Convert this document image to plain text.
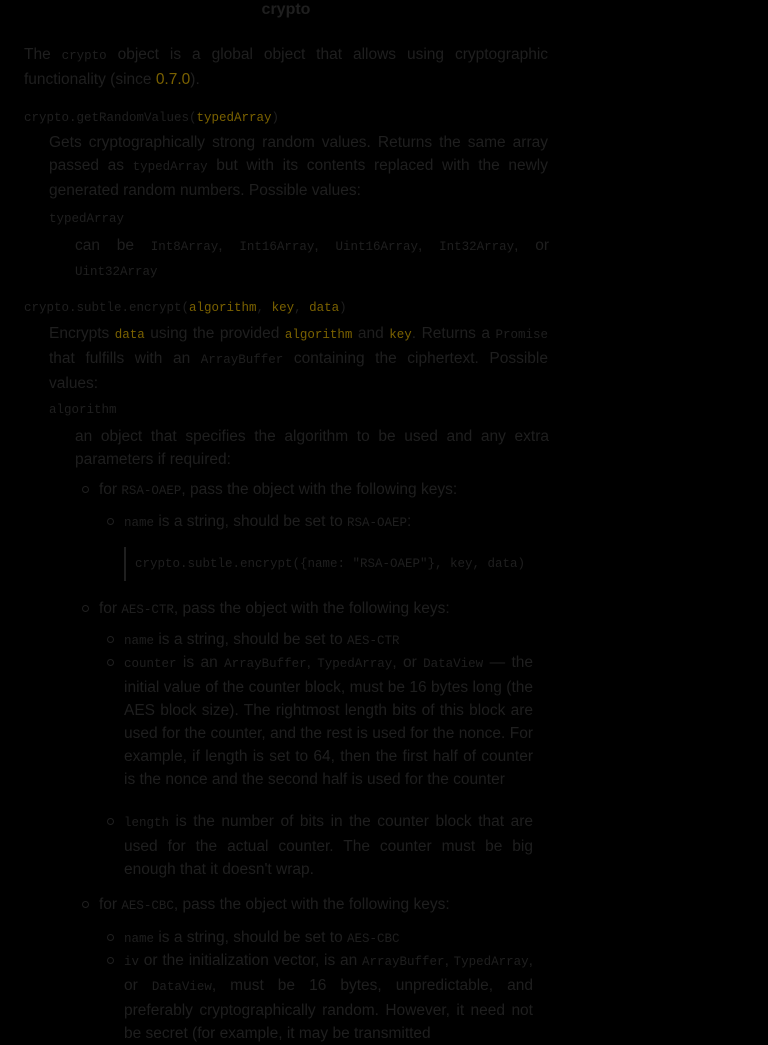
crypto
The crypto object is a global object that allows using cryptographic functionality (since 0.7.0).
crypto.getRandomValues(typedArray)
Gets cryptographically strong random values. Returns the same array passed as typedArray but with its contents replaced with the newly generated random numbers. Possible values:
typedArray
can be Int8Array, Int16Array, Uint16Array, Int32Array, or Uint32Array
crypto.subtle.encrypt(algorithm, key, data)
Encrypts data using the provided algorithm and key. Returns a Promise that fulfills with an ArrayBuffer containing the ciphertext. Possible values:
algorithm
an object that specifies the algorithm to be used and any extra parameters if required:
for RSA-OAEP, pass the object with the following keys:
name is a string, should be set to RSA-OAEP:
crypto.subtle.encrypt({name: "RSA-OAEP"}, key, data)
for AES-CTR, pass the object with the following keys:
name is a string, should be set to AES-CTR
counter is an ArrayBuffer, TypedArray, or DataView — the initial value of the counter block, must be 16 bytes long (the AES block size). The rightmost length bits of this block are used for the counter, and the rest is used for the nonce. For example, if length is set to 64, then the first half of counter is the nonce and the second half is used for the counter
length is the number of bits in the counter block that are used for the actual counter. The counter must be big enough that it doesn't wrap.
for AES-CBC, pass the object with the following keys:
name is a string, should be set to AES-CBC
iv or the initialization vector, is an ArrayBuffer, TypedArray, or DataView, must be 16 bytes, unpredictable, and preferably cryptographically random. However, it need not be secret (for example, it may be transmitted
